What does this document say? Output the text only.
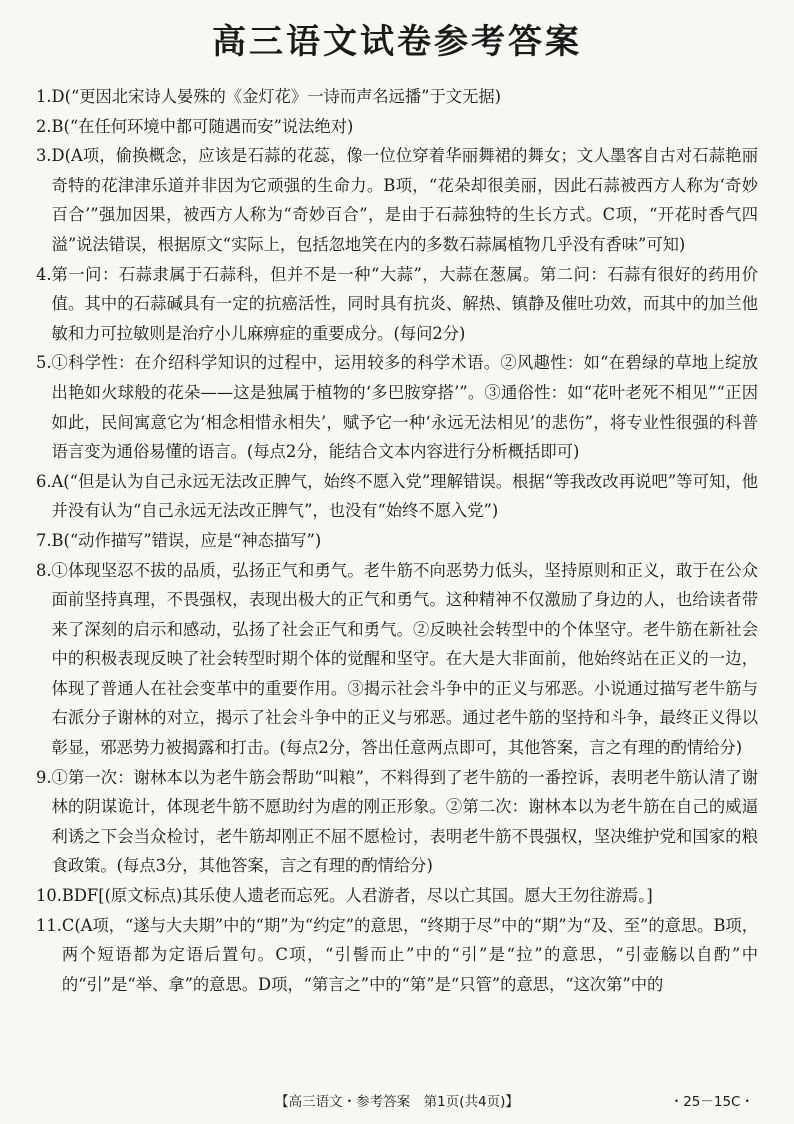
高三语文试卷参考答案
1. D(“更因北宋诗人晏殊的《金灯花》一诗而声名远播”于文无据)
2. B(“在任何环境中都可随遇而安”说法绝对)
3. D(A项，偷换概念，应该是石蒜的花蕊，像一位位穿着华丽舞裙的舞女；文人墨客自古对石蒜艳丽奇特的花津津乐道并非因为它顽强的生命力。B项，“花朵却很美丽，因此石蒜被西方人称为‘奇妙百合’”强加因果，被西方人称为“奇妙百合”，是由于石蒜独特的生长方式。C项，“开花时香气四溢”说法错误，根据原文“实际上，包括忽地笑在内的多数石蒜属植物几乎没有香味”可知)
4. 第一问：石蒜隶属于石蒜科，但并不是一种“大蒜”，大蒜在葱属。第二问：石蒜有很好的药用价值。其中的石蒜碱具有一定的抗癌活性，同时具有抗炎、解热、镇静及催吐功效，而其中的加兰他敏和力可拉敏则是治疗小儿麻痹症的重要成分。(每问2分)
5. ①科学性：在介绍科学知识的过程中，运用较多的科学术语。②风趣性：如“在碧绿的草地上绽放出艳如火球般的花朵——这是独属于植物的‘多巴胺穿搭’”。③通俗性：如“花叶老死不相见”“正因如此，民间寓意它为‘相念相惜永相失’，赋予它一种‘永远无法相见’的悲伤”，将专业性很强的科普语言变为通俗易懂的语言。(每点2分，能结合文本内容进行分析概括即可)
6. A(“但是认为自己永远无法改正脾气，始终不愿入党”理解错误。根据“等我改改再说吧”等可知，他并没有认为“自己永远无法改正脾气”，也没有“始终不愿入党”)
7. B(“动作描写”错误，应是“神态描写”)
8. ①体现坚忍不拔的品质，弘扬正气和勇气。老牛筋不向恶势力低头，坚持原则和正义，敢于在公众面前坚持真理，不畏强权，表现出极大的正气和勇气。这种精神不仅激励了身边的人，也给读者带来了深刻的启示和感动，弘扬了社会正气和勇气。②反映社会转型中的个体坚守。老牛筋在新社会中的积极表现反映了社会转型时期个体的觉醒和坚守。在大是大非面前，他始终站在正义的一边，体现了普通人在社会变革中的重要作用。③揭示社会斗争中的正义与邪恶。小说通过描写老牛筋与右派分子谢林的对立，揭示了社会斗争中的正义与邪恶。通过老牛筋的坚持和斗争，最终正义得以彰显，邪恶势力被揭露和打击。(每点2分，答出任意两点即可，其他答案，言之有理的酌情给分)
9. ①第一次：谢林本以为老牛筋会帮助“叫粮”，不料得到了老牛筋的一番控诉，表明老牛筋认清了谢林的阴谋诡计，体现老牛筋不愿助纣为虐的刚正形象。②第二次：谢林本以为老牛筋在自己的威逼利诱之下会当众检讨，老牛筋却刚正不屈不愿检讨，表明老牛筋不畏强权，坚决维护党和国家的粮食政策。(每点3分，其他答案，言之有理的酌情给分)
10. BDF[(原文标点)其乐使人遗老而忘死。人君游者，尽以亡其国。愿大王勿往游焉。]
11. C(A项，“遂与大夫期”中的“期”为“约定”的意思，“终期于尽”中的“期”为“及、至”的意思。B项，两个短语都为定语后置句。C项，“引髻而止”中的“引”是“拉”的意思，“引壶觞以自酌”中的“引”是“举、拿”的意思。D项，“第言之”中的“第”是“只管”的意思，“这次第”中的
【高三语文・参考答案　第1页(共4页)】	・25－15C・
